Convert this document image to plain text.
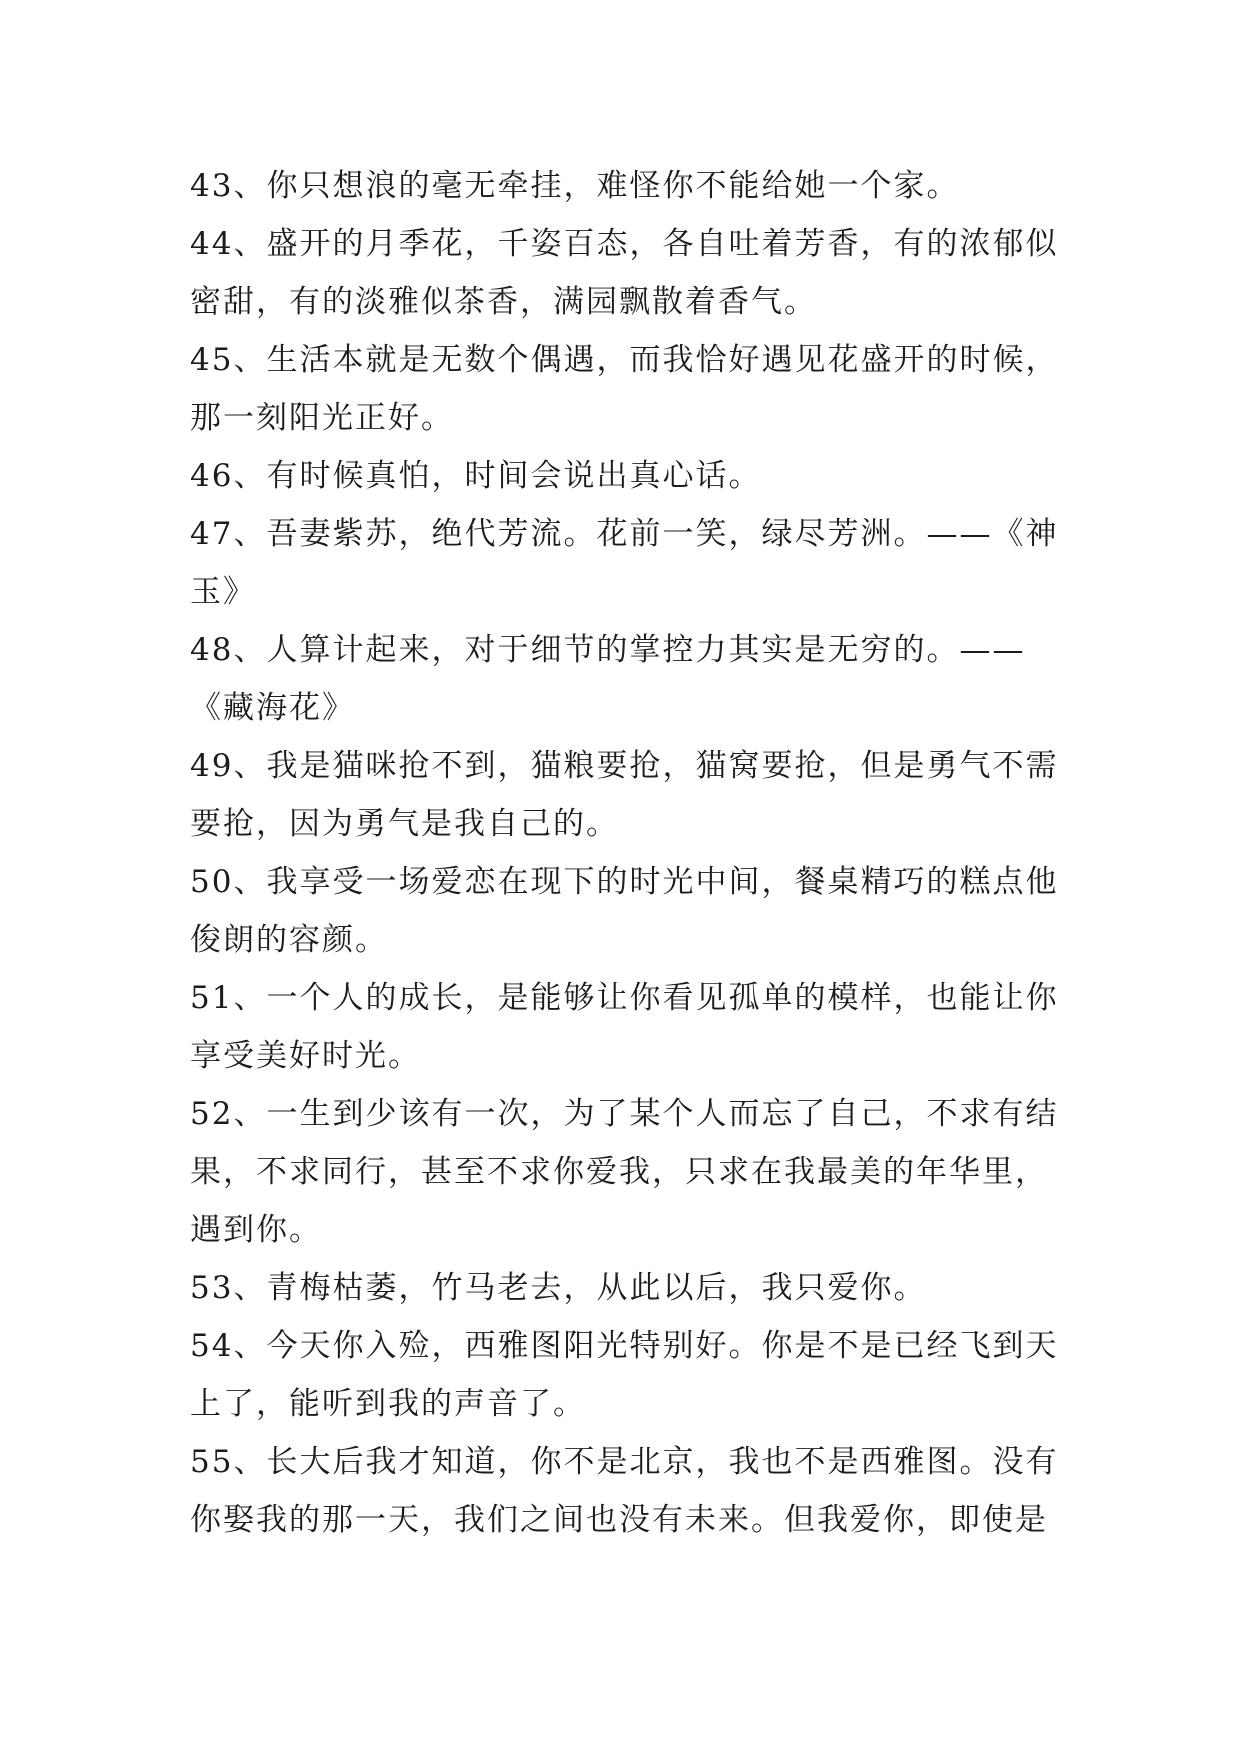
43、你只想浪的毫无牵挂，难怪你不能给她一个家。

44、盛开的月季花，千姿百态，各自吐着芳香，有的浓郁似
密甜，有的淡雅似茶香，满园飘散着香气。

45、生活本就是无数个偶遇，而我恰好遇见花盛开的时候，
那一刻阳光正好。

46、有时候真怕，时间会说出真心话。

47、吾妻紫苏，绝代芳流。花前一笑，绿尽芳洲。——《神
玉》

48、人算计起来，对于细节的掌控力其实是无穷的。——
《藏海花》

49、我是猫咪抢不到，猫粮要抢，猫窝要抢，但是勇气不需
要抢，因为勇气是我自己的。

50、我享受一场爱恋在现下的时光中间，餐桌精巧的糕点他
俊朗的容颜。

51、一个人的成长，是能够让你看见孤单的模样，也能让你
享受美好时光。

52、一生到少该有一次，为了某个人而忘了自己，不求有结
果，不求同行，甚至不求你爱我，只求在我最美的年华里，
遇到你。

53、青梅枯萎，竹马老去，从此以后，我只爱你。

54、今天你入殓，西雅图阳光特别好。你是不是已经飞到天
上了，能听到我的声音了。

55、长大后我才知道，你不是北京，我也不是西雅图。没有
你娶我的那一天，我们之间也没有未来。但我爱你，即使是
